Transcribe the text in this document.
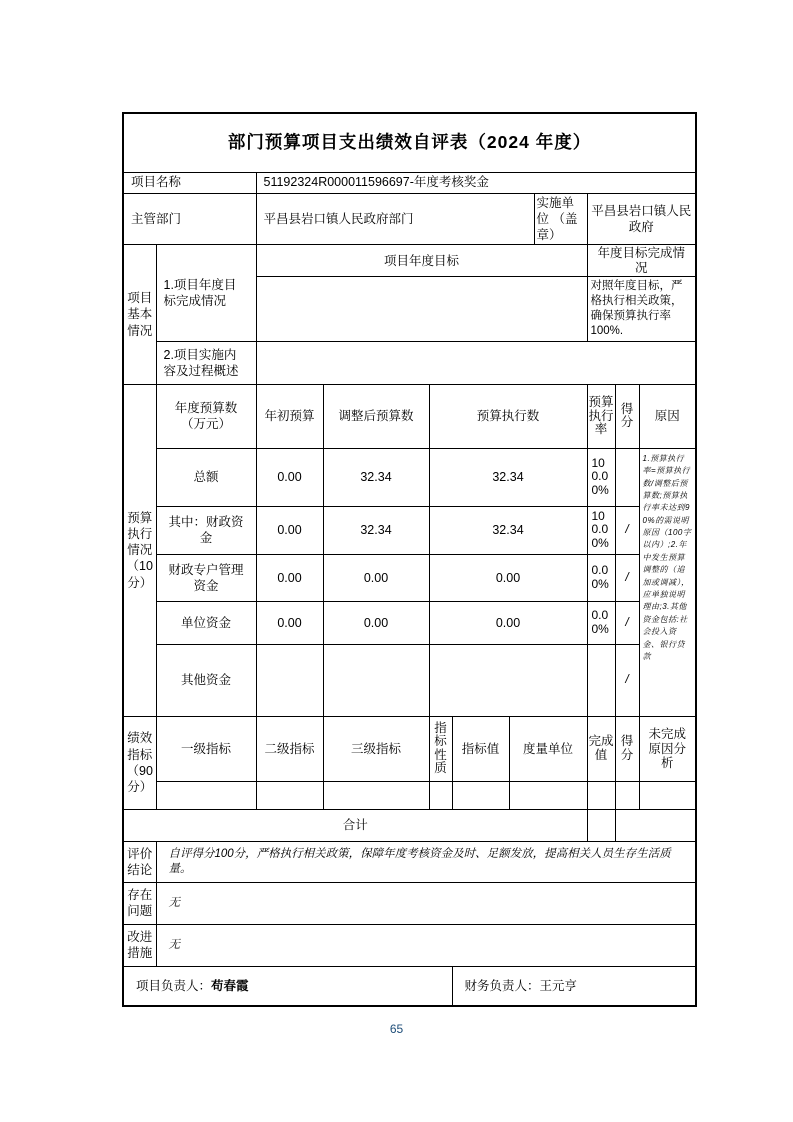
部门预算项目支出绩效自评表（2024 年度）										
项目名称		51192324R000011596697-年度考核奖金								
主管部门		平昌县岩口镇人民政府部门					实施单位 （盖章）	平昌县岩口镇人民政府		
项目基本情况	1.项目年度目标完成情况	项目年度目标						年度目标完成情况		
								对照年度目标，严格执行相关政策，确保预算执行率100%.		
	2.项目实施内容及过程概述									
预算执行情况（10分）	年度预算数（万元）	年初预算	调整后预算数	预算执行数				预算执行率	得分	原因
	总额	0.00	32.34	32.34				100.00%		1.预算执行率=预算执行数/调整后预算数;预算执行率未达到90%的需说明原因（100字以内）;2.年中发生预算调整的（追加或调减），应单独说明理由;3.其他资金包括:社会投入资金、银行贷款
	其中：财政资金	0.00	32.34	32.34				100.00%	/	
	财政专户管理资金	0.00	0.00	0.00				0.00%	/	
	单位资金	0.00	0.00	0.00				0.00%	/	
	其他资金								/	
绩效指标（90分）	一级指标	二级指标	三级指标	指标性质	指标值	度量单位		完成值	得分	未完成原因分析

合计										
评价结论	自评得分100分，严格执行相关政策，保障年度考核资金及时、足额发放，提高相关人员生存生活质量。									
存在问题	无									
改进措施	无									
项目负责人：苟春霞					财务负责人：王元亨					
65
